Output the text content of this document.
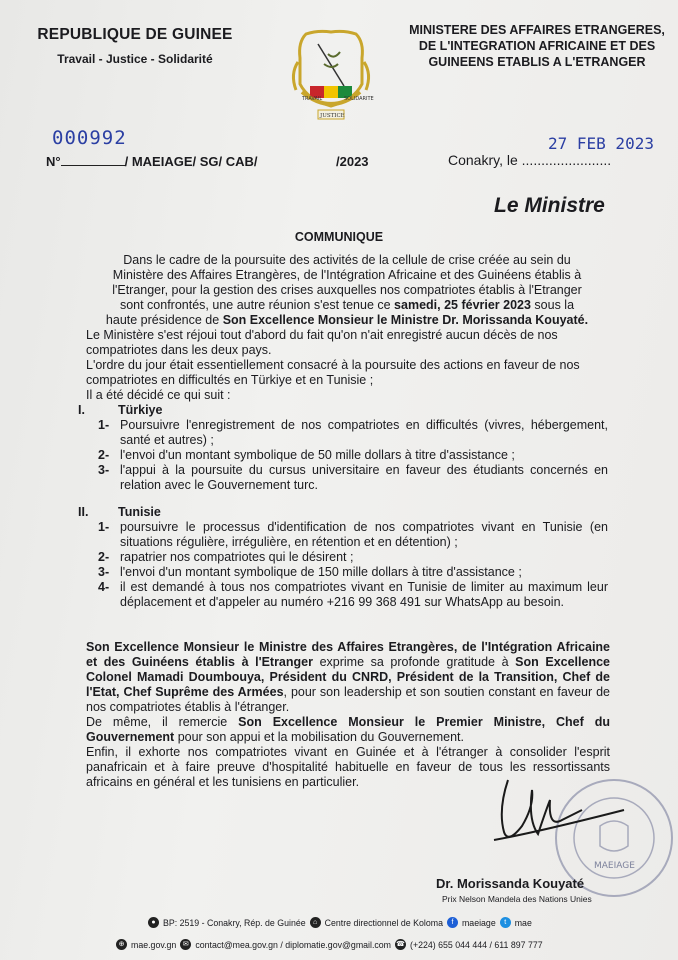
REPUBLIQUE DE GUINEE
Travail - Justice - Solidarité
TRAVAIL	SOLIDARITE
JUSTICE
MINISTERE DES AFFAIRES ETRANGERES,
DE L'INTEGRATION AFRICAINE ET DES
GUINEENS ETABLIS A L'ETRANGER
000992	27 FEB 2023
N°	/ MAEIAGE/ SG/ CAB/	/2023	Conakry, le .......................
Le Ministre
COMMUNIQUE

Dans le cadre de la poursuite des activités de la cellule de crise créée au sein du

Ministère des Affaires Etrangères, de l'Intégration Africaine et des Guinéens établis à

l'Etranger, pour la gestion des crises auxquelles nos compatriotes établis à l'Etranger

sont confrontés, une autre réunion s'est tenue ce samedi, 25 février 2023 sous la

haute présidence de Son Excellence Monsieur le Ministre Dr. Morissanda Kouyaté.

Le Ministère s'est réjoui tout d'abord du fait qu'on n'ait enregistré aucun décès de nos compatriotes dans les deux pays.

L'ordre du jour était essentiellement consacré à la poursuite des actions en faveur de nos compatriotes en difficultés en Türkiye et en Tunisie ;

Il a été décidé ce qui suit :

I.	Türkiye
1- Poursuivre l'enregistrement de nos compatriotes en difficultés (vivres, hébergement, santé et autres) ;
2- l'envoi d'un montant symbolique de 50 mille dollars à titre d'assistance ;
3- l'appui à la poursuite du cursus universitaire en faveur des étudiants concernés en relation avec le Gouvernement turc.
II.	Tunisie
1- poursuivre le processus d'identification de nos compatriotes vivant en Tunisie (en situations régulière, irrégulière, en rétention et en détention) ;
2- rapatrier nos compatriotes qui le désirent ;
3- l'envoi d'un montant symbolique de 150 mille dollars à titre d'assistance ;
4- il est demandé à tous nos compatriotes vivant en Tunisie de limiter au maximum leur déplacement et d'appeler au numéro +216 99 368 491 sur WhatsApp au besoin.

Son Excellence Monsieur le Ministre des Affaires Etrangères, de l'Intégration Africaine et des Guinéens établis à l'Etranger exprime sa profonde gratitude à Son Excellence Colonel Mamadi Doumbouya, Président du CNRD, Président de la Transition, Chef de l'Etat, Chef Suprême des Armées, pour son leadership et son soutien constant en faveur de nos compatriotes établis à l'étranger.

De même, il remercie Son Excellence Monsieur le Premier Ministre, Chef du Gouvernement pour son appui et la mobilisation du Gouvernement.

Enfin, il exhorte nos compatriotes vivant en Guinée et à l'étranger à consolider l'esprit panafricain et à faire preuve d'hospitalité habituelle en faveur de tous les ressortissants africains en général et les tunisiens en particulier.

MAEIAGE
Dr. Morissanda Kouyaté
Prix Nelson Mandela des Nations Unies
● BP: 2519 - Conakry, Rép. de Guinée	⌂ Centre directionnel de Koloma	f maeiage	t mae
⊕ mae.gov.gn ✉ contact@mea.gov.gn / diplomatie.gov@gmail.com ☎ (+224) 655 044 444 / 611 897 777
